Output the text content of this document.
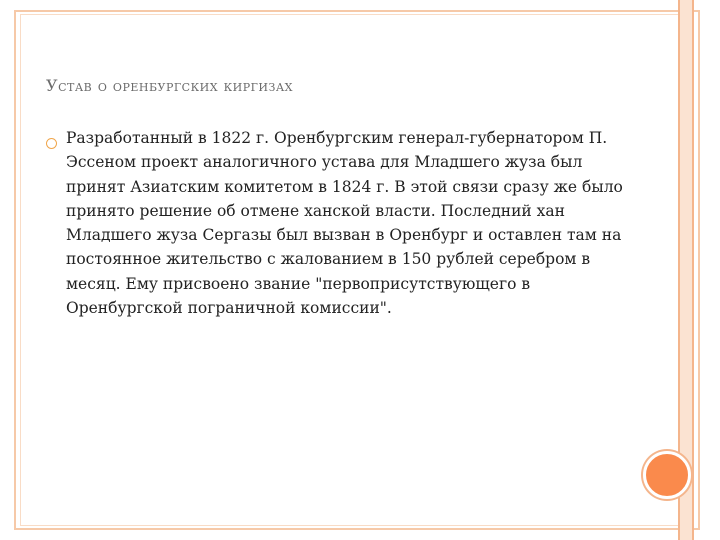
Устав о оренбургских киргизах

Разработанный в 1822 г. Оренбургским генерал-губернатором П. Эссеном проект аналогичного устава для Младшего жуза был принят Азиатским комитетом в 1824 г. В этой связи сразу же было принято решение об отмене ханской власти. Последний хан Младшего жуза Сергазы был вызван в Оренбург и оставлен там на постоянное жительство с жалованием в 150 рублей серебром в месяц. Ему присвоено звание "первоприсутствующего в Оренбургской пограничной комиссии".
